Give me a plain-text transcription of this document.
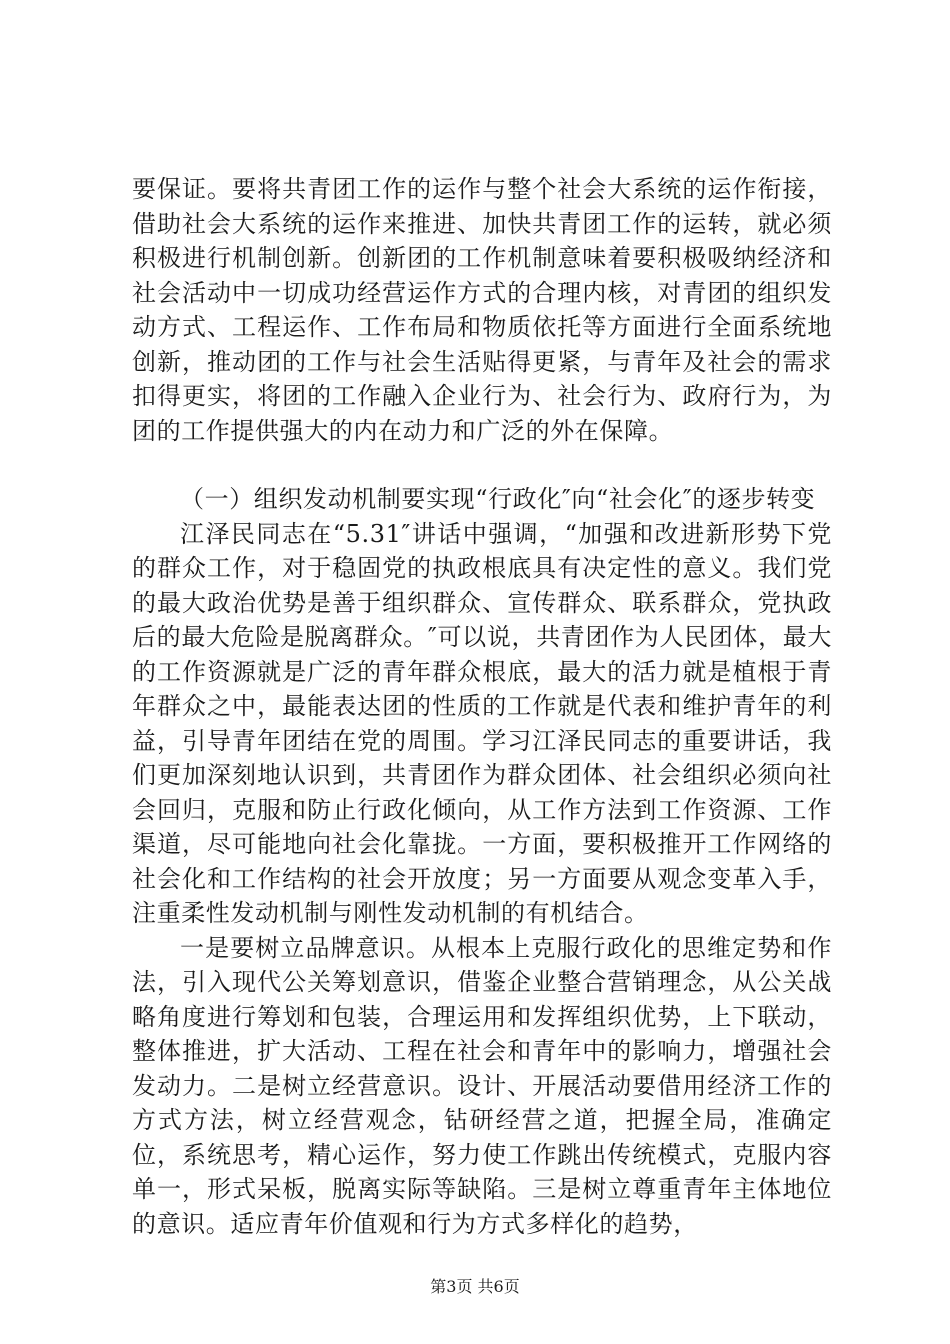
要保证。要将共青团工作的运作与整个社会大系统的运作衔接，借助社会大系统的运作来推进、加快共青团工作的运转，就必须积极进行机制创新。创新团的工作机制意味着要积极吸纳经济和社会活动中一切成功经营运作方式的合理内核，对青团的组织发动方式、工程运作、工作布局和物质依托等方面进行全面系统地创新，推动团的工作与社会生活贴得更紧，与青年及社会的需求扣得更实，将团的工作融入企业行为、社会行为、政府行为，为团的工作提供强大的内在动力和广泛的外在保障。

（一）组织发动机制要实现“行政化″向“社会化″的逐步转变

江泽民同志在“5.31″讲话中强调，“加强和改进新形势下党的群众工作，对于稳固党的执政根底具有决定性的意义。我们党的最大政治优势是善于组织群众、宣传群众、联系群众，党执政后的最大危险是脱离群众。″可以说，共青团作为人民团体，最大的工作资源就是广泛的青年群众根底，最大的活力就是植根于青年群众之中，最能表达团的性质的工作就是代表和维护青年的利益，引导青年团结在党的周围。学习江泽民同志的重要讲话，我们更加深刻地认识到，共青团作为群众团体、社会组织必须向社会回归，克服和防止行政化倾向，从工作方法到工作资源、工作渠道，尽可能地向社会化靠拢。一方面，要积极推开工作网络的社会化和工作结构的社会开放度；另一方面要从观念变革入手，注重柔性发动机制与刚性发动机制的有机结合。

一是要树立品牌意识。从根本上克服行政化的思维定势和作法，引入现代公关筹划意识，借鉴企业整合营销理念，从公关战略角度进行筹划和包装，合理运用和发挥组织优势，上下联动，整体推进，扩大活动、工程在社会和青年中的影响力，增强社会发动力。二是树立经营意识。设计、开展活动要借用经济工作的方式方法，树立经营观念，钻研经营之道，把握全局，准确定位，系统思考，精心运作，努力使工作跳出传统模式，克服内容单一，形式呆板，脱离实际等缺陷。三是树立尊重青年主体地位的意识。适应青年价值观和行为方式多样化的趋势，

第3页 共6页
